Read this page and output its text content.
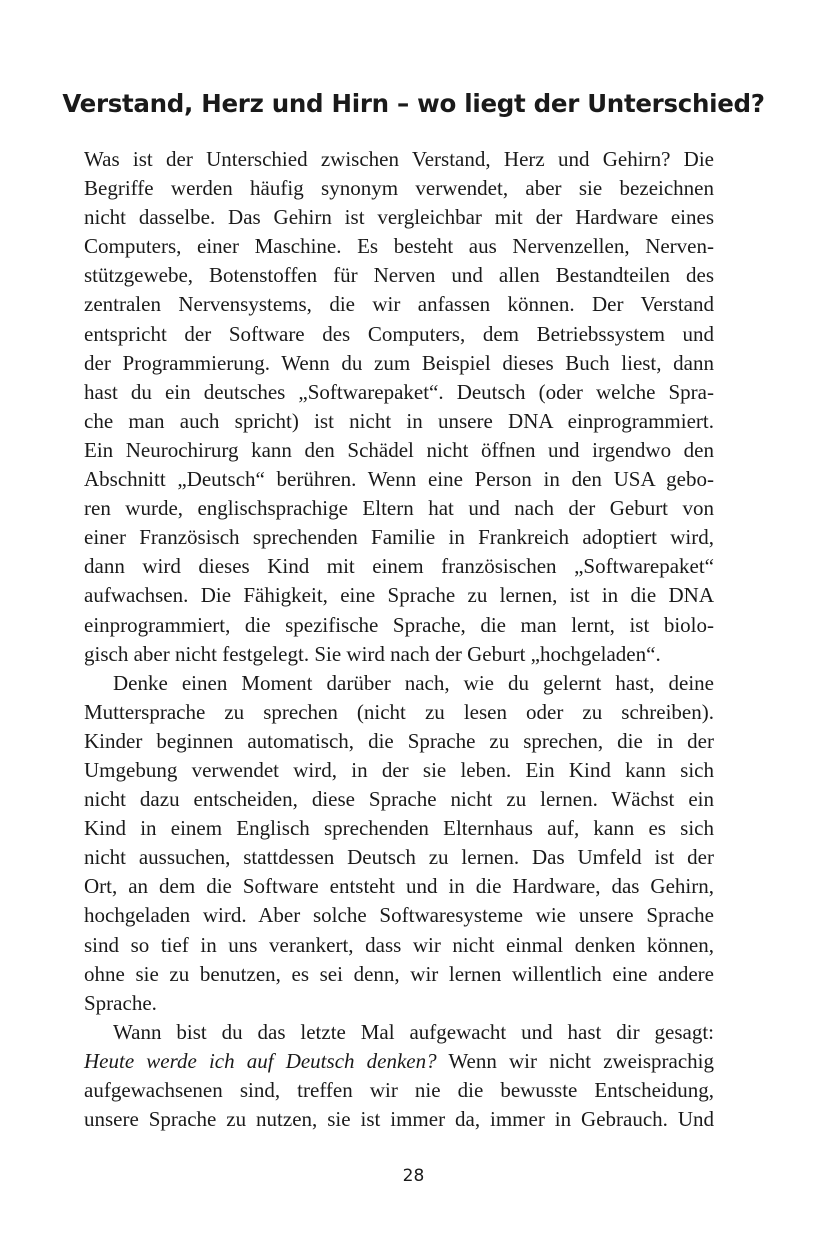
Verstand, Herz und Hirn – wo liegt der Unterschied?
Was ist der Unterschied zwischen Verstand, Herz und Gehirn? Die
Begriffe werden häufig synonym verwendet, aber sie bezeichnen
nicht dasselbe. Das Gehirn ist vergleichbar mit der Hardware eines
Computers, einer Maschine. Es besteht aus Nervenzellen, Nerven-
stützgewebe, Botenstoffen für Nerven und allen Bestandteilen des
zentralen Nervensystems, die wir anfassen können. Der Verstand
entspricht der Software des Computers, dem Betriebssystem und
der Programmierung. Wenn du zum Beispiel dieses Buch liest, dann
hast du ein deutsches „Softwarepaket“. Deutsch (oder welche Spra-
che man auch spricht) ist nicht in unsere DNA einprogrammiert.
Ein Neurochirurg kann den Schädel nicht öffnen und irgendwo den
Abschnitt „Deutsch“ berühren. Wenn eine Person in den USA gebo-
ren wurde, englischsprachige Eltern hat und nach der Geburt von
einer Französisch sprechenden Familie in Frankreich adoptiert wird,
dann wird dieses Kind mit einem französischen „Softwarepaket“
aufwachsen. Die Fähigkeit, eine Sprache zu lernen, ist in die DNA
einprogrammiert, die spezifische Sprache, die man lernt, ist biolo-
gisch aber nicht festgelegt. Sie wird nach der Geburt „hochgeladen“.
Denke einen Moment darüber nach, wie du gelernt hast, deine
Muttersprache zu sprechen (nicht zu lesen oder zu schreiben).
Kinder beginnen automatisch, die Sprache zu sprechen, die in der
Umgebung verwendet wird, in der sie leben. Ein Kind kann sich
nicht dazu entscheiden, diese Sprache nicht zu lernen. Wächst ein
Kind in einem Englisch sprechenden Elternhaus auf, kann es sich
nicht aussuchen, stattdessen Deutsch zu lernen. Das Umfeld ist der
Ort, an dem die Software entsteht und in die Hardware, das Gehirn,
hochgeladen wird. Aber solche Softwaresysteme wie unsere Sprache
sind so tief in uns verankert, dass wir nicht einmal denken können,
ohne sie zu benutzen, es sei denn, wir lernen willentlich eine andere
Sprache.
Wann bist du das letzte Mal aufgewacht und hast dir gesagt:
Heute werde ich auf Deutsch denken? Wenn wir nicht zweisprachig
aufgewachsenen sind, treffen wir nie die bewusste Entscheidung,
unsere Sprache zu nutzen, sie ist immer da, immer in Gebrauch. Und
28
